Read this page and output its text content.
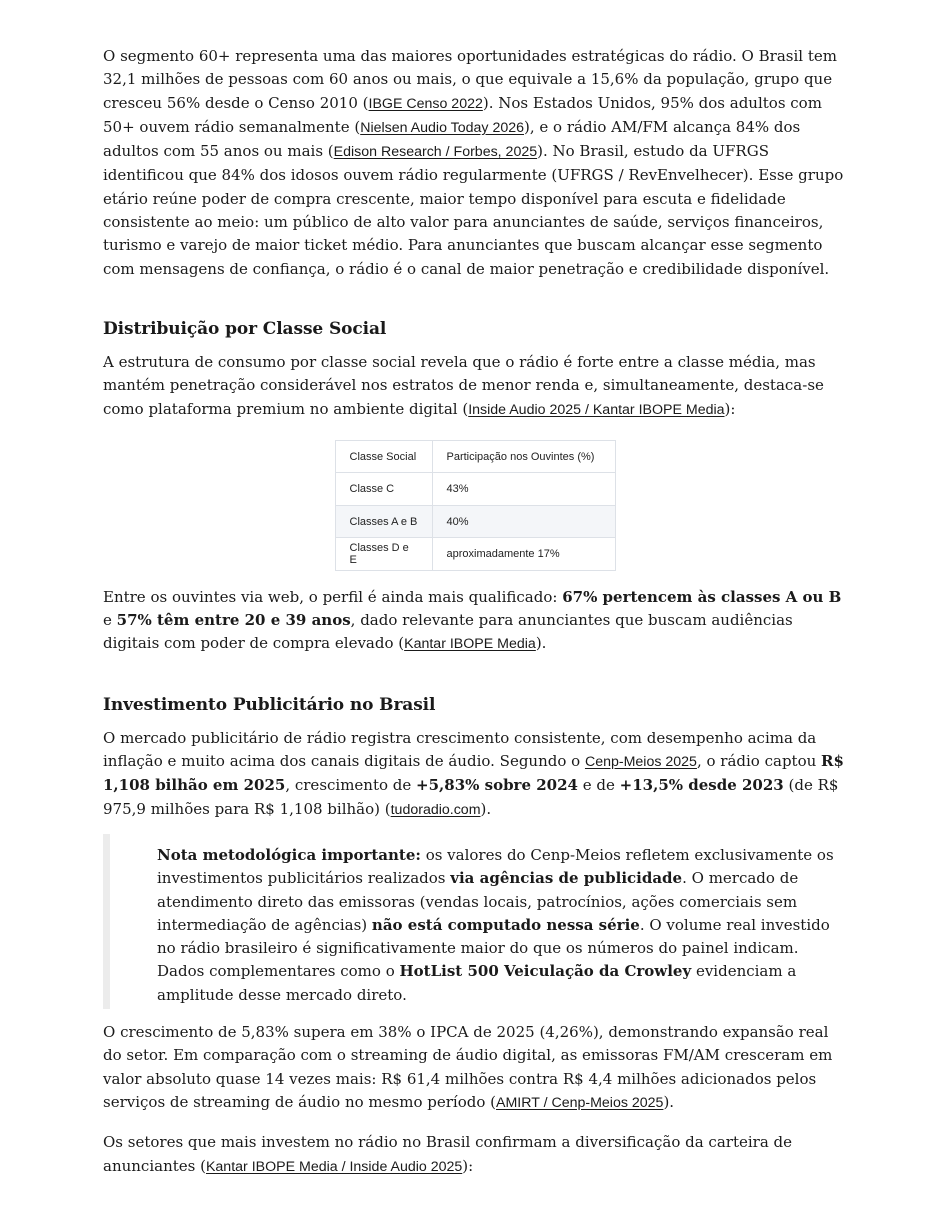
O segmento 60+ representa uma das maiores oportunidades estratégicas do rádio. O Brasil tem 32,1 milhões de pessoas com 60 anos ou mais, o que equivale a 15,6% da população, grupo que cresceu 56% desde o Censo 2010 (IBGE Censo 2022). Nos Estados Unidos, 95% dos adultos com 50+ ouvem rádio semanalmente (Nielsen Audio Today 2026), e o rádio AM/FM alcança 84% dos adultos com 55 anos ou mais (Edison Research / Forbes, 2025). No Brasil, estudo da UFRGS identificou que 84% dos idosos ouvem rádio regularmente (UFRGS / RevEnvelhecer). Esse grupo etário reúne poder de compra crescente, maior tempo disponível para escuta e fidelidade consistente ao meio: um público de alto valor para anunciantes de saúde, serviços financeiros, turismo e varejo de maior ticket médio. Para anunciantes que buscam alcançar esse segmento com mensagens de confiança, o rádio é o canal de maior penetração e credibilidade disponível.

Distribuição por Classe Social

A estrutura de consumo por classe social revela que o rádio é forte entre a classe média, mas mantém penetração considerável nos estratos de menor renda e, simultaneamente, destaca-se como plataforma premium no ambiente digital (Inside Audio 2025 / Kantar IBOPE Media):

Classe Social	Participação nos Ouvintes (%)
Classe C	43%
Classes A e B	40%
Classes D e E	aproximadamente 17%

Entre os ouvintes via web, o perfil é ainda mais qualificado: 67% pertencem às classes A ou B e 57% têm entre 20 e 39 anos, dado relevante para anunciantes que buscam audiências digitais com poder de compra elevado (Kantar IBOPE Media).

Investimento Publicitário no Brasil

O mercado publicitário de rádio registra crescimento consistente, com desempenho acima da inflação e muito acima dos canais digitais de áudio. Segundo o Cenp-Meios 2025, o rádio captou R$ 1,108 bilhão em 2025, crescimento de +5,83% sobre 2024 e de +13,5% desde 2023 (de R$ 975,9 milhões para R$ 1,108 bilhão) (tudoradio.com).

Nota metodológica importante: os valores do Cenp-Meios refletem exclusivamente os investimentos publicitários realizados via agências de publicidade. O mercado de atendimento direto das emissoras (vendas locais, patrocínios, ações comerciais sem intermediação de agências) não está computado nessa série. O volume real investido no rádio brasileiro é significativamente maior do que os números do painel indicam. Dados complementares como o HotList 500 Veiculação da Crowley evidenciam a amplitude desse mercado direto.

O crescimento de 5,83% supera em 38% o IPCA de 2025 (4,26%), demonstrando expansão real do setor. Em comparação com o streaming de áudio digital, as emissoras FM/AM cresceram em valor absoluto quase 14 vezes mais: R$ 61,4 milhões contra R$ 4,4 milhões adicionados pelos serviços de streaming de áudio no mesmo período (AMIRT / Cenp-Meios 2025).

Os setores que mais investem no rádio no Brasil confirmam a diversificação da carteira de anunciantes (Kantar IBOPE Media / Inside Audio 2025):
